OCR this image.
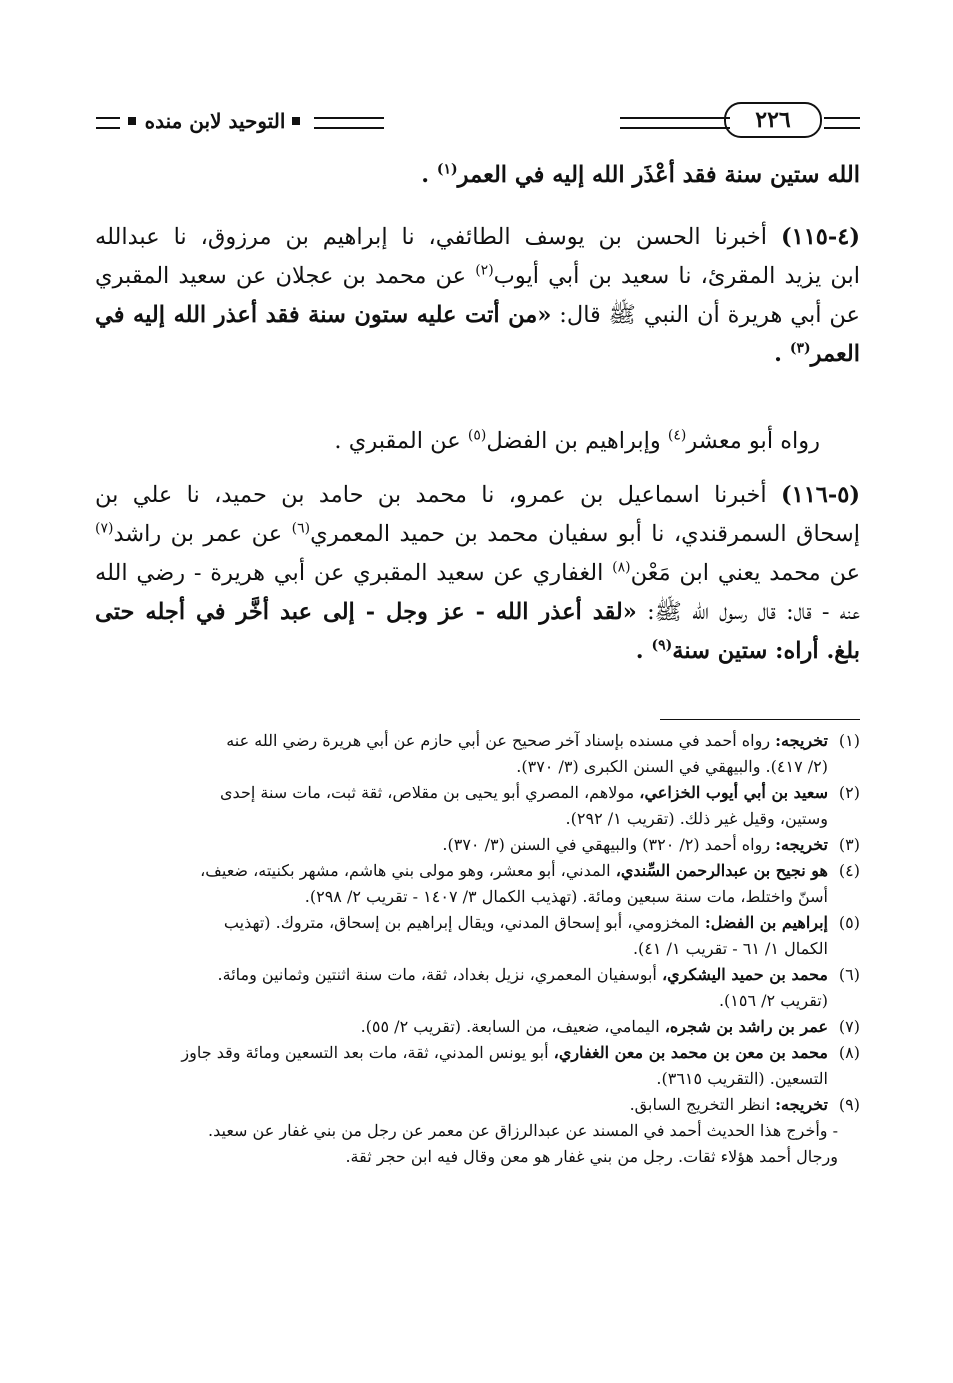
التوحيد لابن منده	٢٢٦
الله ستين سنة فقد أعْذَر الله إليه في العمر$^{(١)}$ .
(٤-١١٥) أخبرنا الحسن بن يوسف الطائفي، نا إبراهيم بن مرزوق، نا عبدالله
ابن يزيد المقرئ، نا سعيد بن أبي أيوب$^{(٢)}$ عن محمد بن عجلان عن سعيد المقبري
عن أبي هريرة أن النبي ﷺ قال: «من أتت عليه ستون سنة فقد أعذر الله إليه في
العمر$^{(٣)}$ .
رواه أبو معشر$^{(٤)}$ وإبراهيم بن الفضل$^{(٥)}$ عن المقبري .
(٥-١١٦) أخبرنا اسماعيل بن عمرو، نا محمد بن حامد بن حميد، نا علي بن
إسحاق السمرقندي، نا أبو سفيان محمد بن حميد المعمري$^{(٦)}$ عن عمر بن راشد$^{(٧)}$
عن محمد يعني ابن مَعْن$^{(٨)}$ الغفاري عن سعيد المقبري عن أبي هريرة - رضي الله
عنه - قال: قال رسول الله ﷺ: «لقد أعذر الله - عز وجل - إلى عبد أخَّر في أجله حتى
بلغ. أراه: ستين سنة$^{(٩)}$ .
(١)
تخريجه: رواه أحمد في مسنده بإسناد آخر صحيح عن أبي حازم عن أبي هريرة رضي الله عنه
(٢/ ٤١٧). والبيهقي في السنن الكبرى (٣/ ٣٧٠).
(٢)
سعيد بن أبي أيوب الخزاعي، مولاهم، المصري أبو يحيى بن مقلاص، ثقة ثبت، مات سنة إحدى
وستين، وقيل غير ذلك. (تقريب ١/ ٢٩٢).
(٣)
تخريجه: رواه أحمد (٢/ ٣٢٠) والبيهقي في السنن (٣/ ٣٧٠).
(٤)
هو نجيح بن عبدالرحمن السِّندي، المدني، أبو معشر، وهو مولى بني هاشم، مشهر بكنيته، ضعيف،
أسنّ واختلط، مات سنة سبعين ومائة. (تهذيب الكمال ٣/ ١٤٠٧ - تقريب ٢/ ٢٩٨).
(٥)
إبراهيم بن الفضل: المخزومي، أبو إسحاق المدني، ويقال إبراهيم بن إسحاق، متروك. (تهذيب
الكمال ١/ ٦١ - تقريب ١/ ٤١).
(٦)
محمد بن حميد اليشكري، أبوسفيان المعمري، نزيل بغداد، ثقة، مات سنة اثنتين وثمانين ومائة.
(تقريب ٢/ ١٥٦).
(٧)
عمر بن راشد بن شجره، اليمامي، ضعيف، من السابعة. (تقريب ٢/ ٥٥).
(٨)
محمد بن معن بن محمد بن معن الغفاري، أبو يونس المدني، ثقة، مات بعد التسعين ومائة وقد جاوز
التسعين. (التقريب ٣٦١٥).
(٩)
تخريجه: انظر التخريج السابق.
- وأخرج هذا الحديث أحمد في المسند عن عبدالرزاق عن معمر عن رجل من بني غفار عن سعيد.
ورجال أحمد هؤلاء ثقات. رجل من بني غفار هو معن وقال فيه ابن حجر ثقة.
